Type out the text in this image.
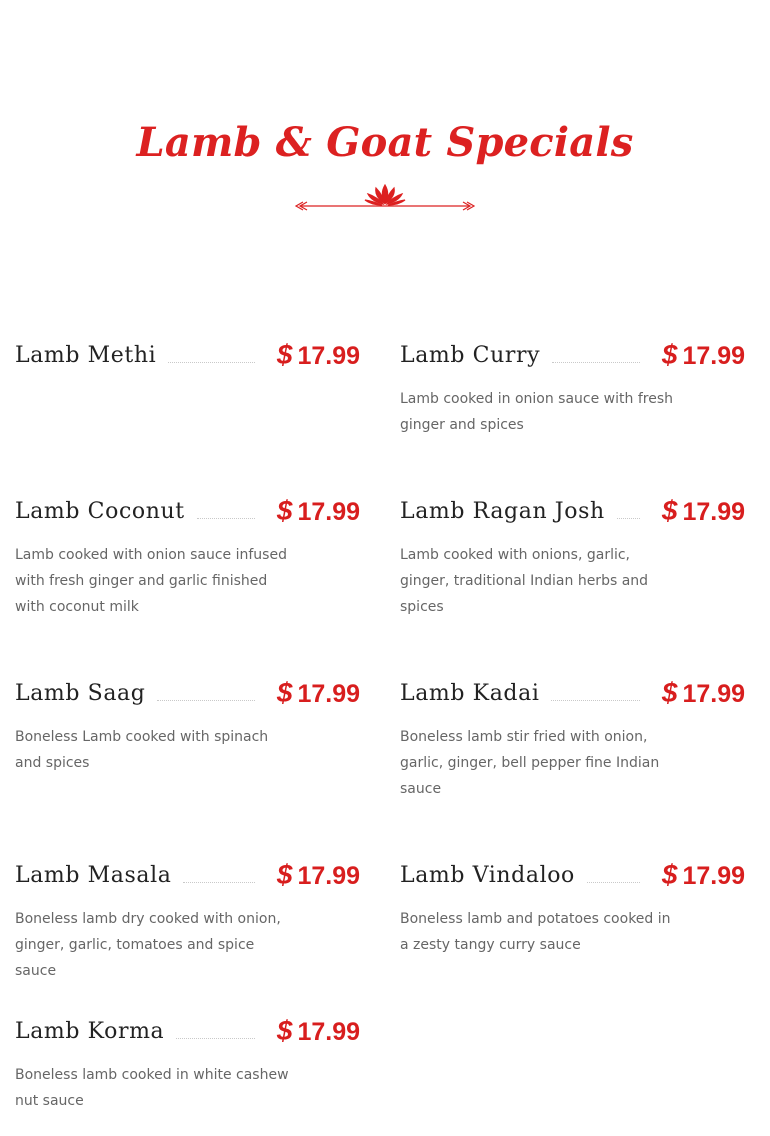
Lamb & Goat Specials
Lamb Methi	$ 17.99 Lamb Curry	$ 17.99

Lamb cooked in onion sauce with fresh ginger and spices

Lamb Coconut	$ 17.99

Lamb cooked with onion sauce infused with fresh ginger and garlic finished with coconut milk

Lamb Ragan Josh $ 17.99

Lamb cooked with onions, garlic, ginger, traditional Indian herbs and spices

Lamb Saag	$ 17.99

Boneless Lamb cooked with spinach and spices

Lamb Kadai	$ 17.99

Boneless lamb stir fried with onion, garlic, ginger, bell pepper fine Indian sauce

Lamb Masala	$ 17.99

Boneless lamb dry cooked with onion, ginger, garlic, tomatoes and spice sauce

Lamb Vindaloo	$ 17.99

Boneless lamb and potatoes cooked in a zesty tangy curry sauce

Lamb Korma	$ 17.99

Boneless lamb cooked in white cashew nut sauce
